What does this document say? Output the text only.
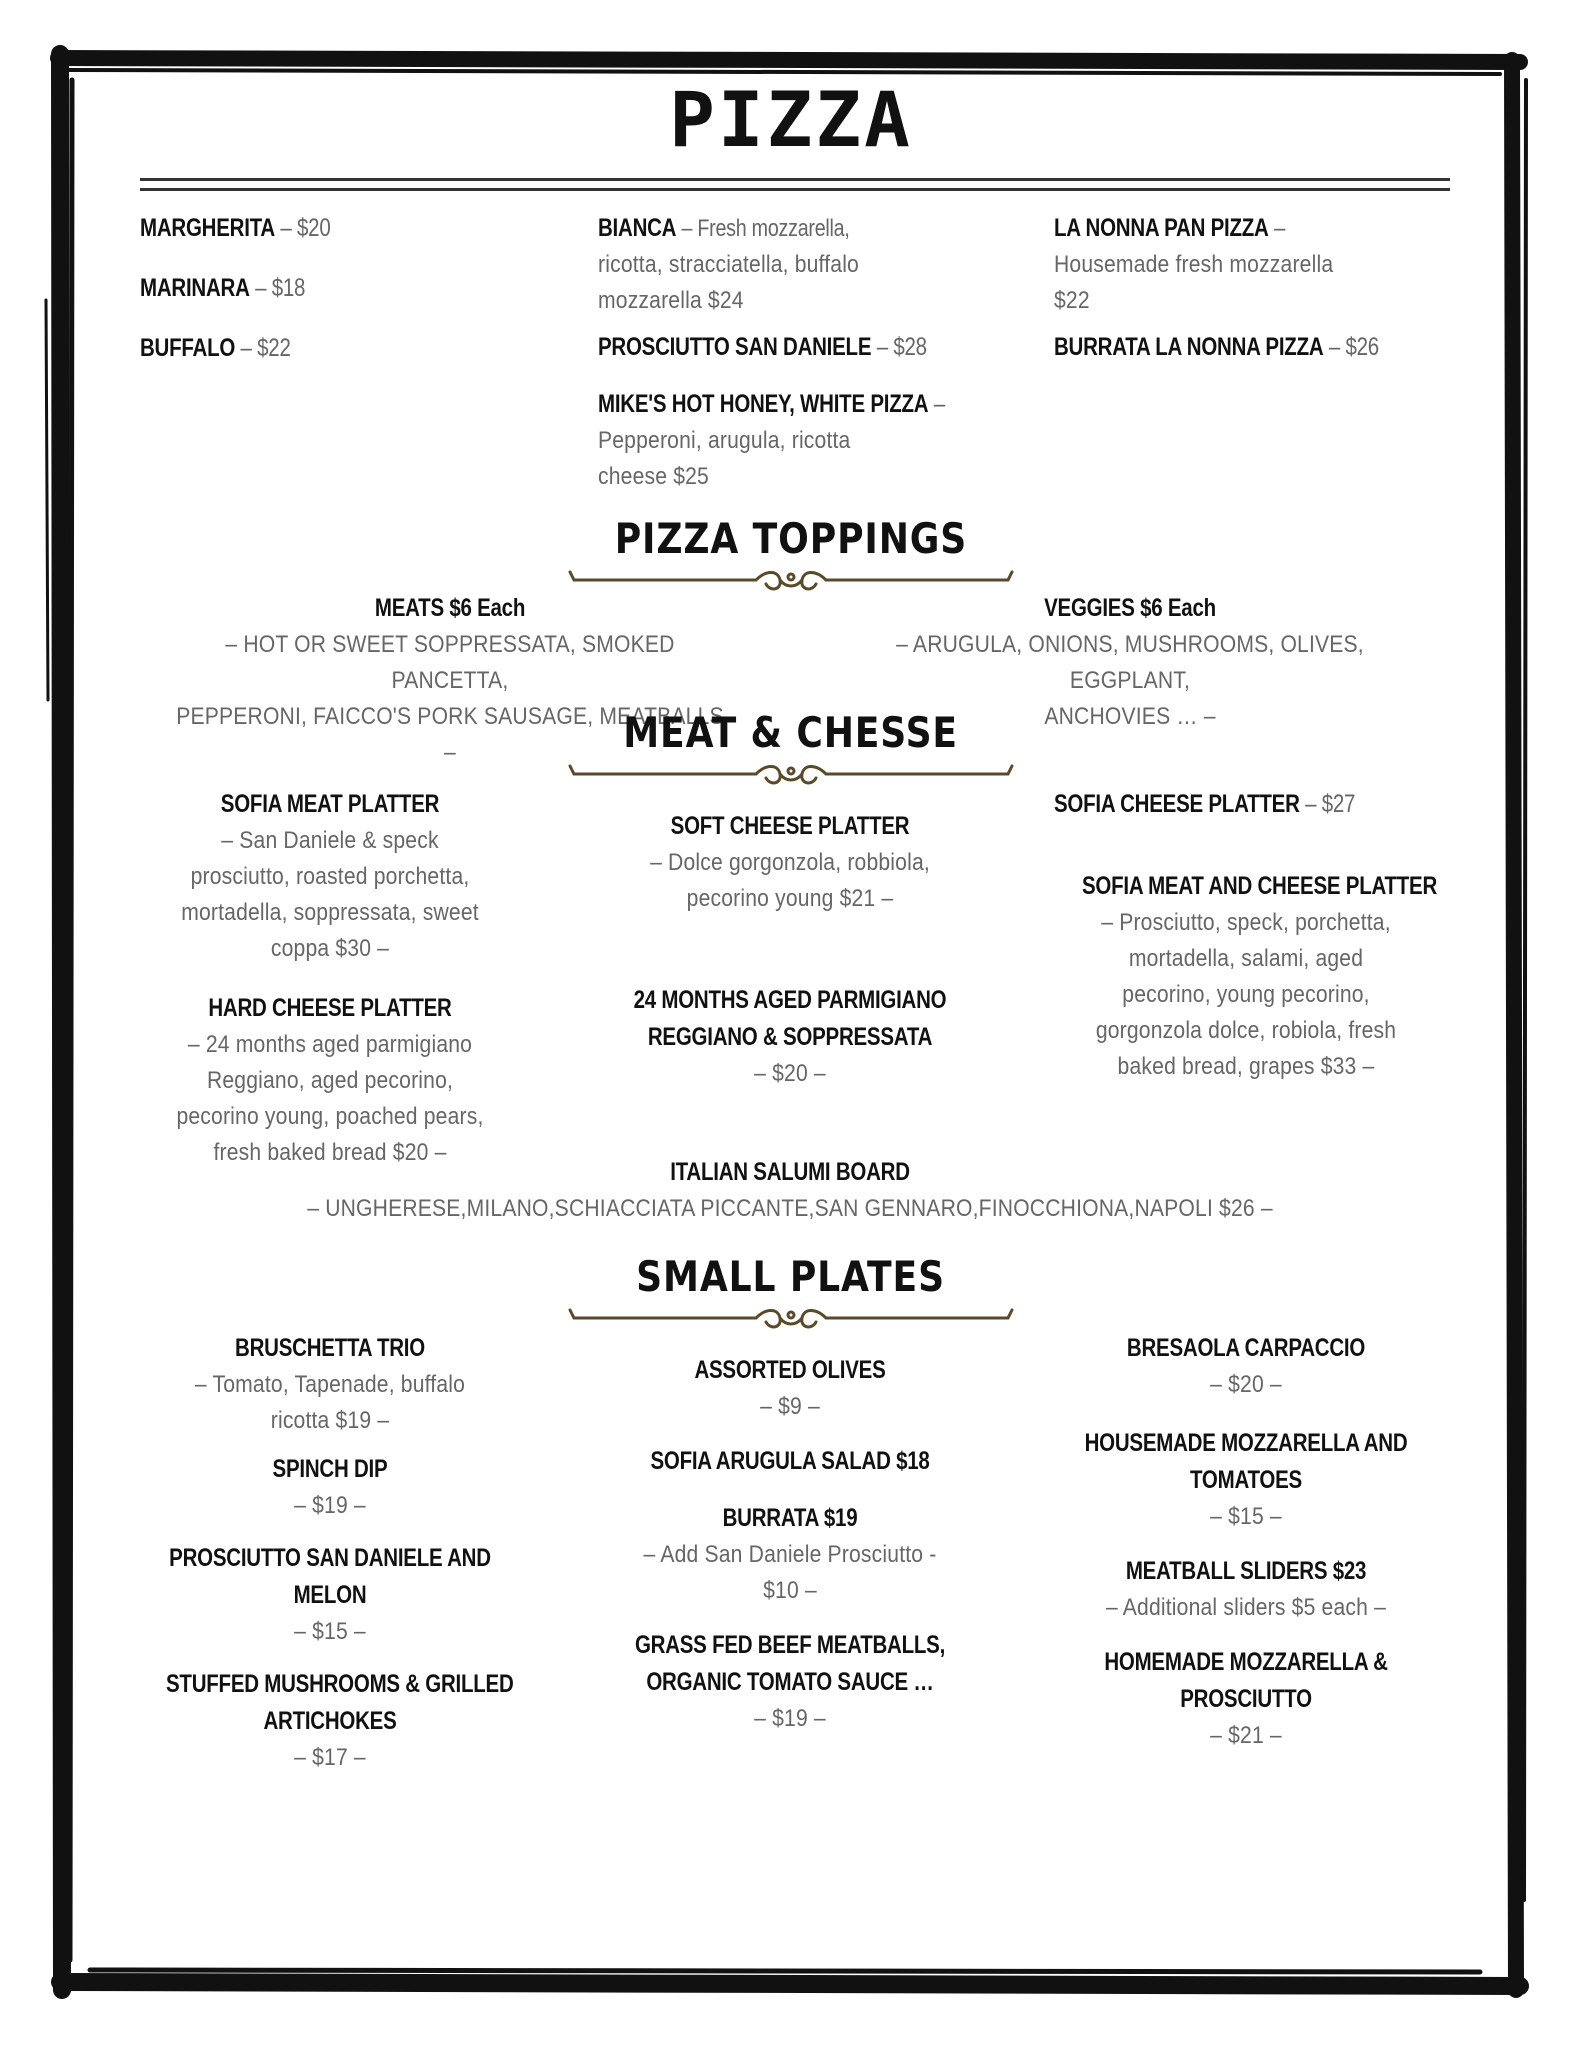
PIZZA
MARGHERITA – $20
MARINARA – $18
BUFFALO – $22
BIANCA – Fresh mozzarella,
ricotta, stracciatella, buffalo
mozzarella $24
PROSCIUTTO SAN DANIELE – $28
MIKE'S HOT HONEY, WHITE PIZZA –
Pepperoni, arugula, ricotta
cheese $25
LA NONNA PAN PIZZA –
Housemade fresh mozzarella
$22
BURRATA LA NONNA PIZZA – $26
PIZZA TOPPINGS
MEATS $6 Each
– HOT OR SWEET SOPPRESSATA, SMOKED PANCETTA,
PEPPERONI, FAICCO'S PORK SAUSAGE, MEATBALLS –
VEGGIES $6 Each
– ARUGULA, ONIONS, MUSHROOMS, OLIVES, EGGPLANT,
ANCHOVIES … –
MEAT & CHESSE
SOFIA MEAT PLATTER
– San Daniele & speck
prosciutto, roasted porchetta,
mortadella, soppressata, sweet
coppa $30 –
HARD CHEESE PLATTER
– 24 months aged parmigiano
Reggiano, aged pecorino,
pecorino young, poached pears,
fresh baked bread $20 –
SOFT CHEESE PLATTER
– Dolce gorgonzola, robbiola,
pecorino young $21 –
24 MONTHS AGED PARMIGIANO
REGGIANO & SOPPRESSATA
– $20 –
SOFIA CHEESE PLATTER – $27
SOFIA MEAT AND CHEESE PLATTER
– Prosciutto, speck, porchetta,
mortadella, salami, aged
pecorino, young pecorino,
gorgonzola dolce, robiola, fresh
baked bread, grapes $33 –
ITALIAN SALUMI BOARD
– UNGHERESE,MILANO,SCHIACCIATA PICCANTE,SAN GENNARO,FINOCCHIONA,NAPOLI $26 –
SMALL PLATES
BRUSCHETTA TRIO
– Tomato, Tapenade, buffalo
ricotta $19 –
SPINCH DIP
– $19 –
PROSCIUTTO SAN DANIELE AND
MELON
– $15 –
STUFFED MUSHROOMS & GRILLED
ARTICHOKES
– $17 –
ASSORTED OLIVES
– $9 –
SOFIA ARUGULA SALAD $18
BURRATA $19
– Add San Daniele Prosciutto -
$10 –
GRASS FED BEEF MEATBALLS,
ORGANIC TOMATO SAUCE …
– $19 –
BRESAOLA CARPACCIO
– $20 –
HOUSEMADE MOZZARELLA AND
TOMATOES
– $15 –
MEATBALL SLIDERS $23
– Additional sliders $5 each –
HOMEMADE MOZZARELLA &
PROSCIUTTO
– $21 –
